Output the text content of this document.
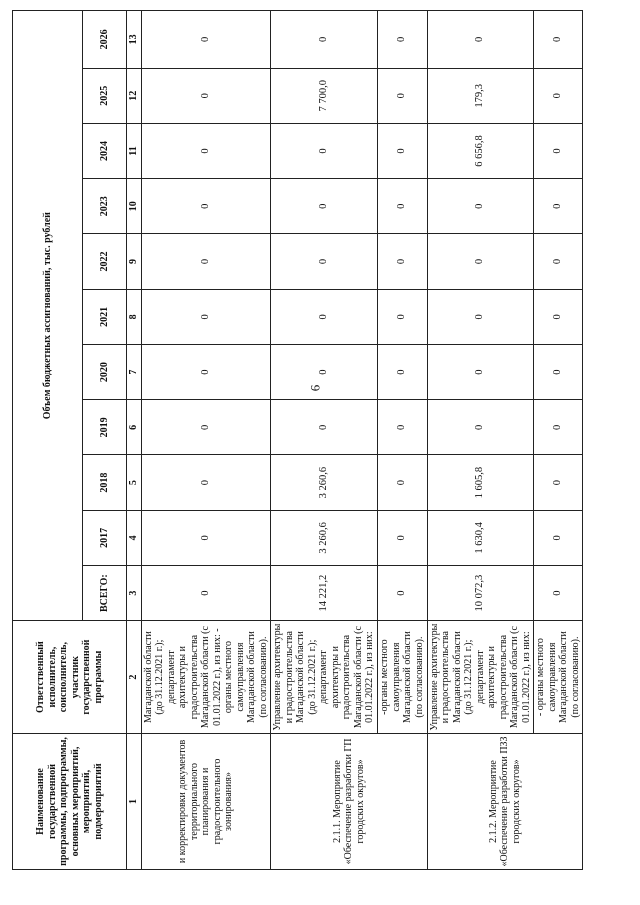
6
Наименование государственной программы, подпрограммы, основных мероприятий, мероприятий, подмероприятий	Ответственный исполнитель, соисполнитель, участник государственной программы	Объем бюджетных ассигнований, тыс. рублей										
		ВСЕГО:	2017	2018	2019	2020	2021	2022	2023	2024	2025	2026
1	2	3	4	5	6	7	8	9	10	11	12	13
и корректировки документов территориального планирования и градостроительного зонирования»	Магаданской области (до 31.12.2021 г.); департамент архитектуры и градостроительства Магаданской области (с 01.01.2022 г.), из них: - органы местного самоуправления Магаданской области (по согласованию).	0	0	0	0	0	0	0	0	0	0	0
2.1.1. Мероприятие «Обеспечение разработки ГП городских округов»	Управление архитектуры и градостроительства Магаданской области (до 31.12.2021 г.); департамент архитектуры и градостроительства Магаданской области (с 01.01.2022 г.), из них:	14 221,2	3 260,6	3 260,6	0	0	0	0	0	0	7 700,0	0
	-органы местного самоуправления Магаданской области (по согласованию).	0	0	0	0	0	0	0	0	0	0	0
2.1.2. Мероприятие «Обеспечение разработки ПЗЗ городских округов»	Управление архитектуры и градостроительства Магаданской области (до 31.12.2021 г.); департамент архитектуры и градостроительства Магаданской области (с 01.01.2022 г.), из них:	10 072,3	1 630,4	1 605,8	0	0	0	0	0	6 656,8	179,3	0
	- органы местного самоуправления Магаданской области (по согласованию).	0	0	0	0	0	0	0	0	0	0	0
